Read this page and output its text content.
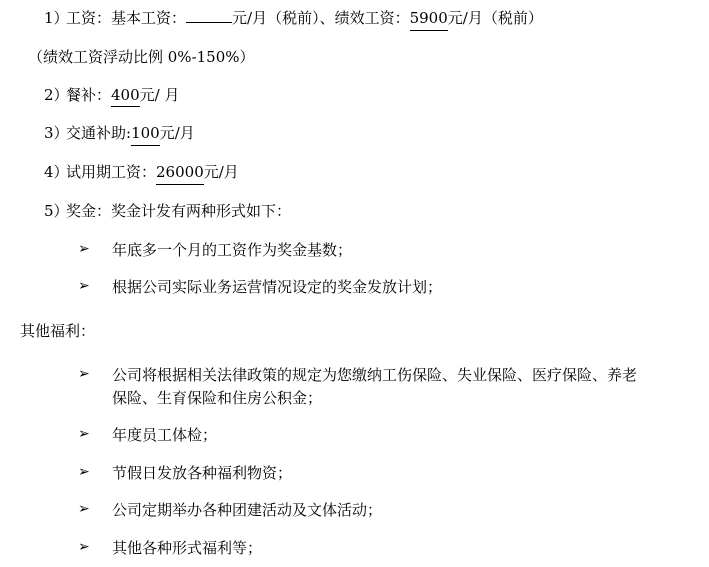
1）
工资：基本工资：	元/月（税前）、绩效工资：5900元/月（税前）
（绩效工资浮动比例 0%-150%）
2）
餐补：400元/ 月
3）
交通补助:100元/月
4）
试用期工资：26000元/月
5）
奖金：奖金计发有两种形式如下：
➢	年底多一个月的工资作为奖金基数；
➢	根据公司实际业务运营情况设定的奖金发放计划；
其他福利：
➢	公司将根据相关法律政策的规定为您缴纳工伤保险、失业保险、医疗保险、养老保险、生育保险和住房公积金；
➢	年度员工体检；
➢	节假日发放各种福利物资；
➢	公司定期举办各种团建活动及文体活动；
➢	其他各种形式福利等；
